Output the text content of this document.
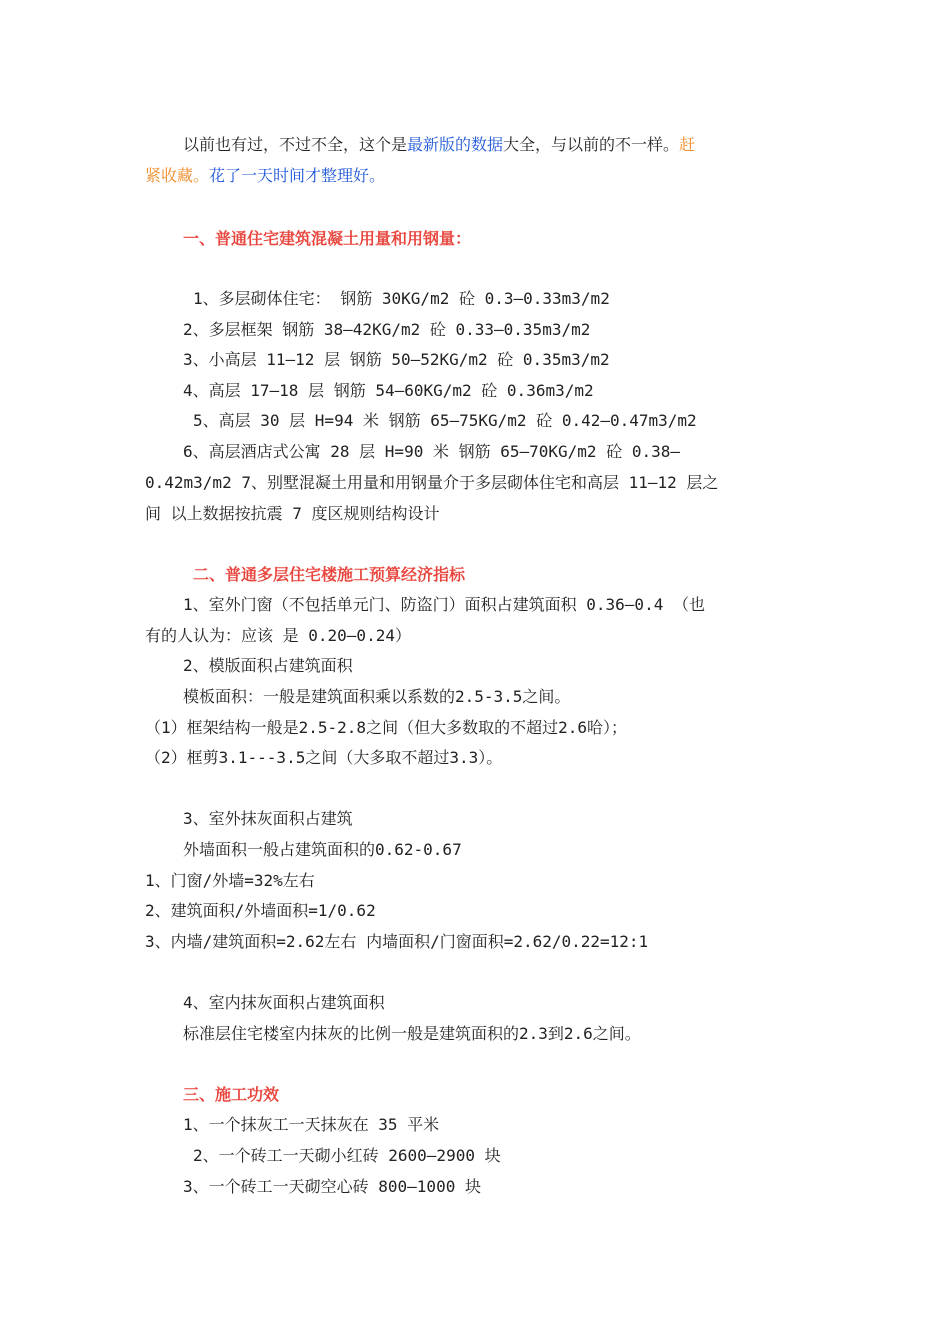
以前也有过，不过不全，这个是最新版的数据大全，与以前的不一样。赶
紧收藏。花了一天时间才整理好。
一、普通住宅建筑混凝土用量和用钢量：
1、多层砌体住宅： 钢筋 30KG/m2 砼 0.3—0.33m3/m2
2、多层框架 钢筋 38—42KG/m2 砼 0.33—0.35m3/m2
3、小高层 11—12 层 钢筋 50—52KG/m2 砼 0.35m3/m2
4、高层 17—18 层 钢筋 54—60KG/m2 砼 0.36m3/m2
5、高层 30 层 H=94 米 钢筋 65—75KG/m2 砼 0.42—0.47m3/m2
6、高层酒店式公寓 28 层 H=90 米 钢筋 65—70KG/m2 砼 0.38—
0.42m3/m2 7、别墅混凝土用量和用钢量介于多层砌体住宅和高层 11—12 层之
间 以上数据按抗震 7 度区规则结构设计
二、普通多层住宅楼施工预算经济指标
1、室外门窗（不包括单元门、防盗门）面积占建筑面积 0.36—0.4 （也
有的人认为：应该 是 0.20—0.24）
2、模版面积占建筑面积
模板面积：一般是建筑面积乘以系数的2.5-3.5之间。
（1）框架结构一般是2.5-2.8之间（但大多数取的不超过2.6哈）；
（2）框剪3.1---3.5之间（大多取不超过3.3）。
3、室外抹灰面积占建筑
外墙面积一般占建筑面积的0.62-0.67
1、门窗/外墙=32%左右
2、建筑面积/外墙面积=1/0.62
3、内墙/建筑面积=2.62左右 内墙面积/门窗面积=2.62/0.22=12:1
4、室内抹灰面积占建筑面积
标准层住宅楼室内抹灰的比例一般是建筑面积的2.3到2.6之间。
三、施工功效
1、一个抹灰工一天抹灰在 35 平米
2、一个砖工一天砌小红砖 2600—2900 块
3、一个砖工一天砌空心砖 800—1000 块
